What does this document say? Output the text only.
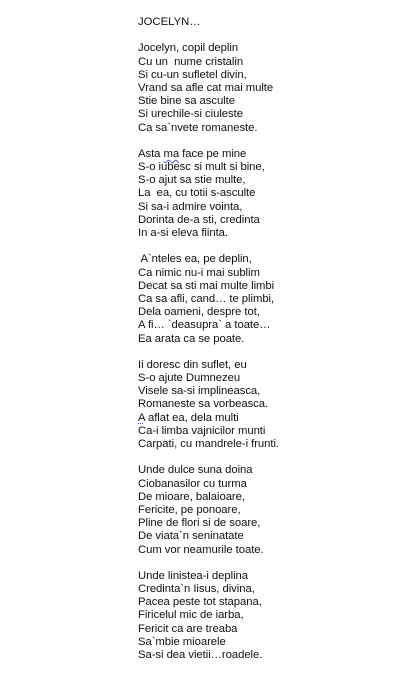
JOCELYN…
Jocelyn, copil deplin
Cu un  nume cristalin
Si cu-un sufletel divin,
Vrand sa afle cat mai multe
Stie bine sa asculte
Si urechile-si ciuleste
Ca sa`nvete romaneste.
Asta ma face pe mine
S-o iubesc si mult si bine,
S-o ajut sa stie multe,
La  ea, cu totii s-asculte
Si sa-i admire vointa,
Dorinta de-a sti, credinta
In a-si eleva fiinta.
A`nteles ea, pe deplin,
Ca nimic nu-i mai sublim
Decat sa sti mai multe limbi
Ca sa afli, cand… te plimbi,
Dela oameni, despre tot,
A fi… `deasupra` a toate…
Ea arata ca se poate.
Ii doresc din suflet, eu
S-o ajute Dumnezeu
Visele sa-si implineasca,
Romaneste sa vorbeasca.
A aflat ea, dela multi
Ca-i limba vajnicilor munti
Carpati, cu mandrele-i frunti.
Unde dulce suna doina
Ciobanasilor cu turma
De mioare, balaioare,
Fericite, pe ponoare,
Pline de flori si de soare,
De viata`n seninatate
Cum vor neamurile toate.
Unde linistea-i deplina
Credinta`n Iisus, divina,
Pacea peste tot stapana,
Firicelul mic de iarba,
Fericit ca are treaba
Sa`mbie mioarele
Sa-si dea vietii…roadele.
